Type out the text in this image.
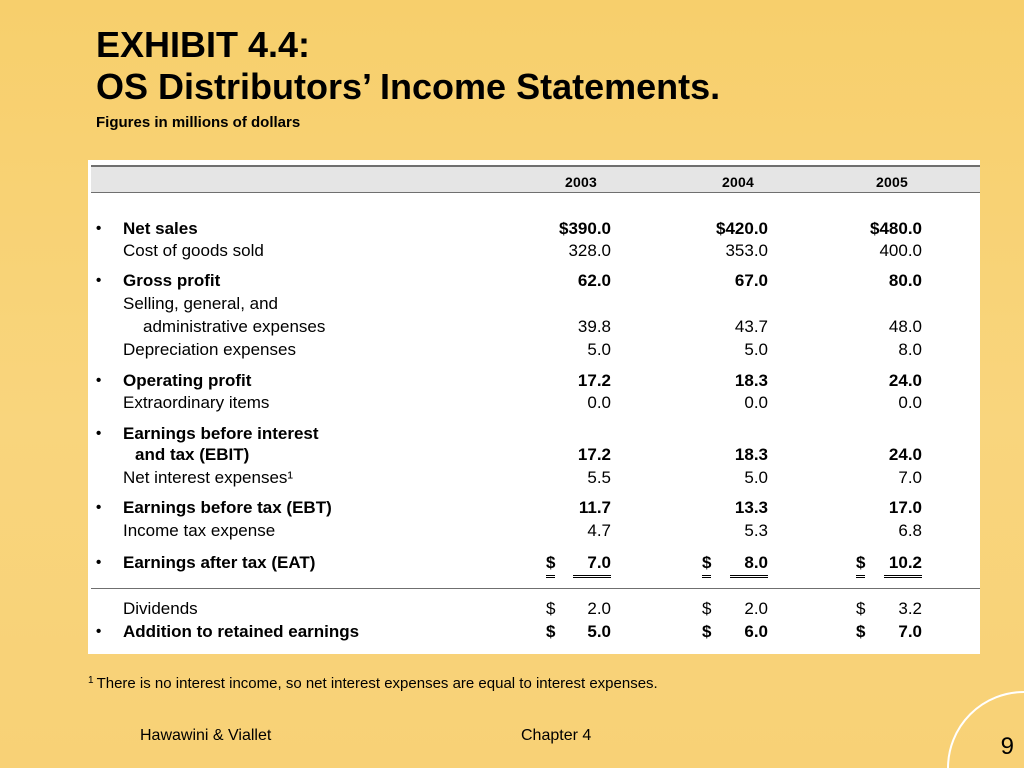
EXHIBIT 4.4:
OS Distributors’ Income Statements.
Figures in millions of dollars
2003	2004	2005
•	Net sales	$390.0	$420.0	$480.0
Cost of goods sold	328.0	353.0	400.0
•	Gross profit	62.0	67.0	80.0
Selling, general, and
administrative expenses	39.8	43.7	48.0
Depreciation expenses	5.0	5.0	8.0
•	Operating profit	17.2	18.3	24.0
Extraordinary items	0.0	0.0	0.0
•	Earnings before interest
and tax (EBIT)	17.2	18.3	24.0
Net interest expenses¹	5.5	5.0	7.0
•	Earnings before tax (EBT)	11.7	13.3	17.0
Income tax expense	4.7	5.3	6.8
•	Earnings after tax (EAT)	$	7.0	$	8.0	$ 10.2
Dividends	$ 2.0	$ 2.0	$ 3.2
•	Addition to retained earnings	$ 5.0	$ 6.0	$ 7.0
$^1$ There is no interest income, so net interest expenses are equal to interest expenses.
Hawawini & Viallet	Chapter 4	9
